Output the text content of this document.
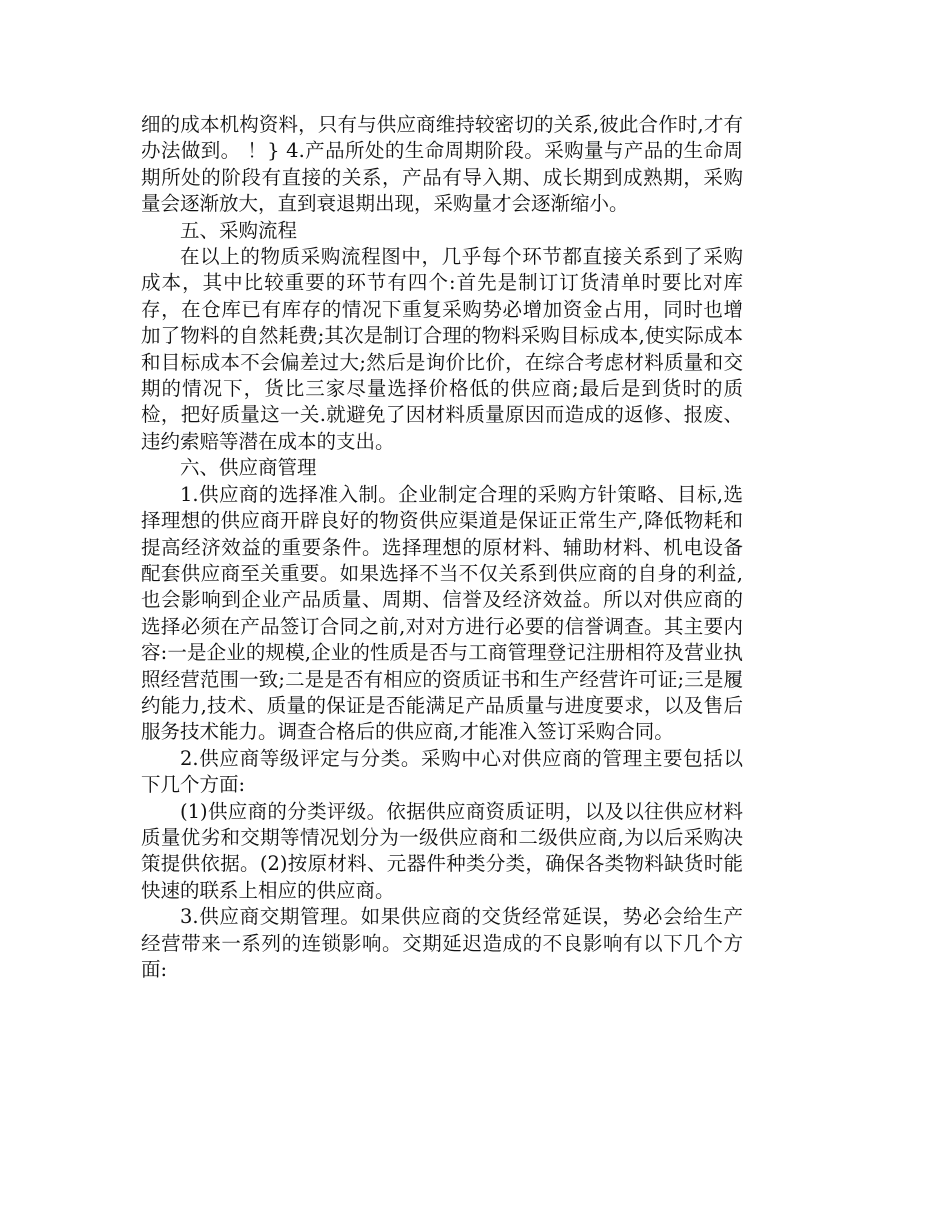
细的成本机构资料，只有与供应商维持较密切的关系,彼此合作时,才有办法做到。 ！} 4.产品所处的生命周期阶段。采购量与产品的生命周期所处的阶段有直接的关系，产品有导入期、成长期到成熟期，采购量会逐渐放大，直到衰退期出现，采购量才会逐渐缩小。

五、采购流程

在以上的物质采购流程图中，几乎每个环节都直接关系到了采购成本，其中比较重要的环节有四个:首先是制订订货清单时要比对库存，在仓库已有库存的情况下重复采购势必增加资金占用，同时也增加了物料的自然耗费;其次是制订合理的物料采购目标成本,使实际成本和目标成本不会偏差过大;然后是询价比价，在综合考虑材料质量和交期的情况下，货比三家尽量选择价格低的供应商;最后是到货时的质检，把好质量这一关.就避免了因材料质量原因而造成的返修、报废、违约索赔等潜在成本的支出。

六、供应商管理

1.供应商的选择准入制。企业制定合理的采购方针策略、目标,选择理想的供应商开辟良好的物资供应渠道是保证正常生产,降低物耗和提高经济效益的重要条件。选择理想的原材料、辅助材料、机电设备配套供应商至关重要。如果选择不当不仅关系到供应商的自身的利益,也会影响到企业产品质量、周期、信誉及经济效益。所以对供应商的选择必须在产品签订合同之前,对对方进行必要的信誉调查。其主要内容:一是企业的规模,企业的性质是否与工商管理登记注册相符及营业执照经营范围一致;二是是否有相应的资质证书和生产经营许可证;三是履约能力,技术、质量的保证是否能满足产品质量与进度要求，以及售后服务技术能力。调查合格后的供应商,才能准入签订采购合同。

2.供应商等级评定与分类。采购中心对供应商的管理主要包括以下几个方面:

(1)供应商的分类评级。依据供应商资质证明，以及以往供应材料质量优劣和交期等情况划分为一级供应商和二级供应商,为以后采购决策提供依据。(2)按原材料、元器件种类分类，确保各类物料缺货时能快速的联系上相应的供应商。

3.供应商交期管理。如果供应商的交货经常延误，势必会给生产经营带来一系列的连锁影响。交期延迟造成的不良影响有以下几个方面:
